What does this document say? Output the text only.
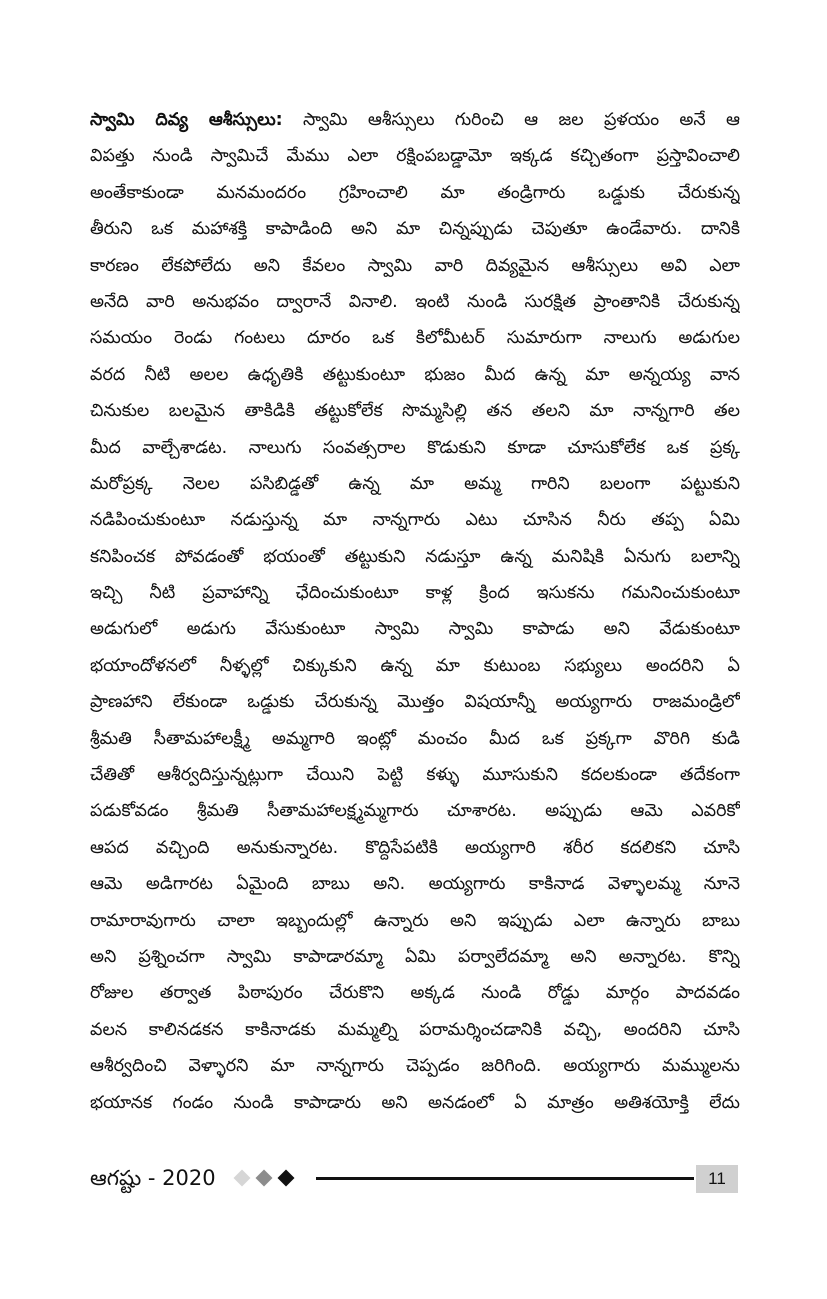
స్వామి దివ్య ఆశీస్సులు: స్వామి ఆశీస్సులు గురించి ఆ జల ప్రళయం అనే ఆ
విపత్తు నుండి స్వామిచే మేము ఎలా రక్షింపబడ్డామో ఇక్కడ కచ్చితంగా ప్రస్తావించాలి
అంతేకాకుండా మనమందరం గ్రహించాలి మా తండ్రిగారు ఒడ్డుకు చేరుకున్న
తీరుని ఒక మహాశక్తి కాపాడింది అని మా చిన్నప్పుడు చెపుతూ ఉండేవారు. దానికి
కారణం లేకపోలేదు అని కేవలం స్వామి వారి దివ్యమైన ఆశీస్సులు అవి ఎలా
అనేది వారి అనుభవం ద్వారానే వినాలి. ఇంటి నుండి సురక్షిత ప్రాంతానికి చేరుకున్న
సమయం రెండు గంటలు దూరం ఒక కిలోమీటర్ సుమారుగా నాలుగు అడుగుల
వరద నీటి అలల ఉధృతికి తట్టుకుంటూ భుజం మీద ఉన్న మా అన్నయ్య వాన
చినుకుల బలమైన తాకిడికి తట్టుకోలేక సొమ్మసిల్లి తన తలని మా నాన్నగారి తల
మీద వాల్చేశాడట. నాలుగు సంవత్సరాల కొడుకుని కూడా చూసుకోలేక ఒక ప్రక్క
మరోప్రక్క నెలల పసిబిడ్డతో ఉన్న మా అమ్మ గారిని బలంగా పట్టుకుని
నడిపించుకుంటూ నడుస్తున్న మా నాన్నగారు ఎటు చూసిన నీరు తప్ప ఏమి
కనిపించక పోవడంతో భయంతో తట్టుకుని నడుస్తూ ఉన్న మనిషికి ఏనుగు బలాన్ని
ఇచ్చి నీటి ప్రవాహాన్ని ఛేదించుకుంటూ కాళ్ల క్రింద ఇసుకను గమనించుకుంటూ
అడుగులో అడుగు వేసుకుంటూ స్వామి స్వామి కాపాడు అని వేడుకుంటూ
భయాందోళనలో నీళ్ళల్లో చిక్కుకుని ఉన్న మా కుటుంబ సభ్యులు అందరిని ఏ
ప్రాణహాని లేకుండా ఒడ్డుకు చేరుకున్న మొత్తం విషయాన్నీ అయ్యగారు రాజమండ్రిలో
శ్రీమతి సీతామహాలక్ష్మీ అమ్మగారి ఇంట్లో మంచం మీద ఒక ప్రక్కగా వొరిగి కుడి
చేతితో ఆశీర్వదిస్తున్నట్లుగా చేయిని పెట్టి కళ్ళు మూసుకుని కదలకుండా తదేకంగా
పడుకోవడం శ్రీమతి సీతామహాలక్ష్మమ్మగారు చూశారట. అప్పుడు ఆమె ఎవరికో
ఆపద వచ్చింది అనుకున్నారట. కొద్దిసేపటికి అయ్యగారి శరీర కదలికని చూసి
ఆమె అడిగారట ఏమైంది బాబు అని. అయ్యగారు కాకినాడ వెళ్ళాలమ్మ నూనె
రామారావుగారు చాలా ఇబ్బందుల్లో ఉన్నారు అని ఇప్పుడు ఎలా ఉన్నారు బాబు
అని ప్రశ్నించగా స్వామి కాపాడారమ్మా ఏమి పర్వాలేదమ్మా అని అన్నారట. కొన్ని
రోజుల తర్వాత పిఠాపురం చేరుకొని అక్కడ నుండి రోడ్డు మార్గం పాదవడం
వలన కాలినడకన కాకినాడకు మమ్మల్ని పరామర్శించడానికి వచ్చి, అందరిని చూసి
ఆశీర్వదించి వెళ్ళారని మా నాన్నగారు చెప్పడం జరిగింది. అయ్యగారు మమ్ములను
భయానక గండం నుండి కాపాడారు అని అనడంలో ఏ మాత్రం అతిశయోక్తి లేదు
ఆగష్టు - 2020	11
